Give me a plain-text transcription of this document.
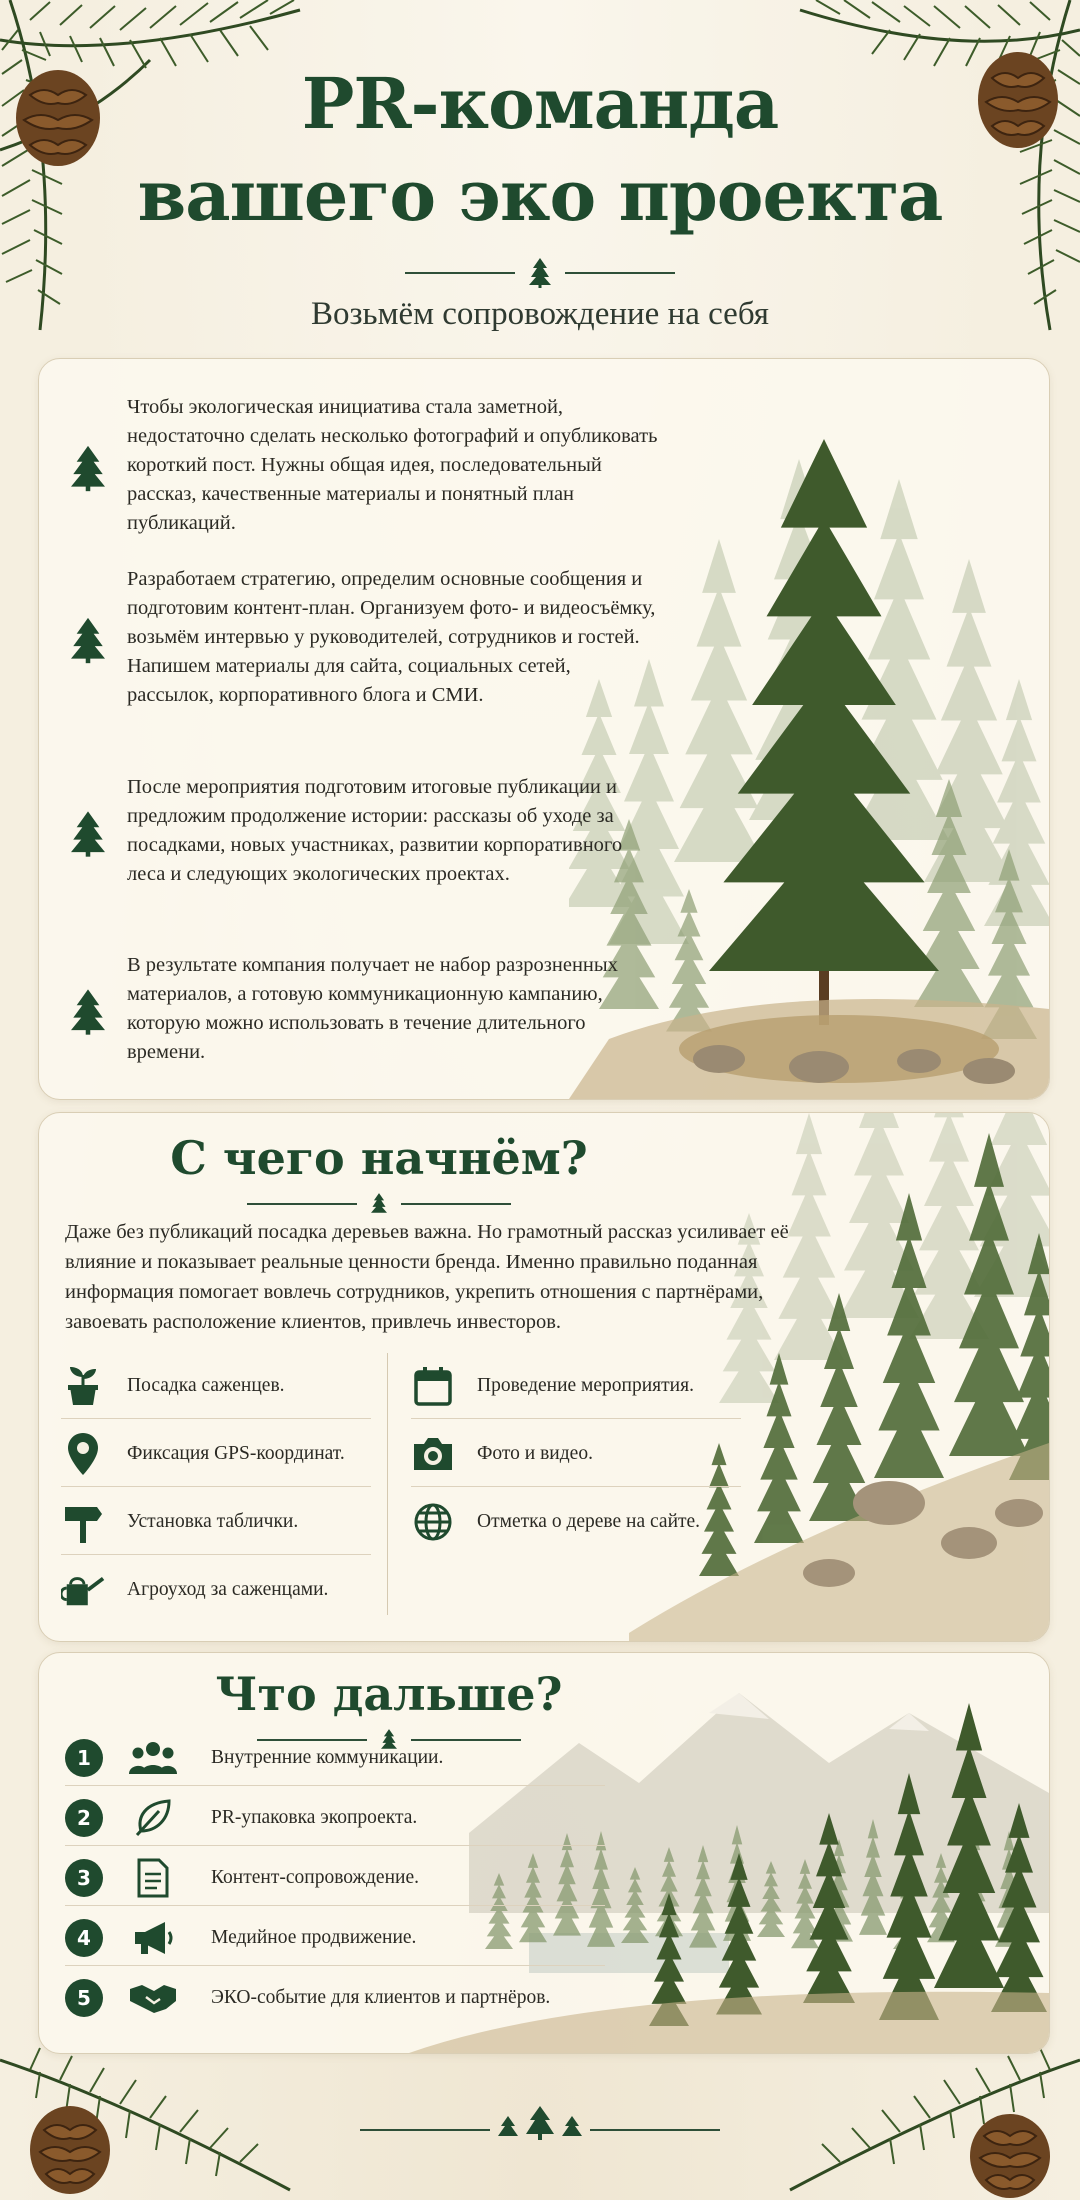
PR-команда
вашего эко проекта
Возьмём сопровождение на себя

Чтобы экологическая инициатива стала заметной, недостаточно сделать несколько фотографий и опубликовать короткий пост. Нужны общая идея, последовательный рассказ, качественные материалы и понятный план публикаций.

Разработаем стратегию, определим основные сообщения и подготовим контент-план. Организуем фото- и видеосъёмку, возьмём интервью у руководителей, сотрудников и гостей. Напишем материалы для сайта, социальных сетей, рассылок, корпоративного блога и СМИ.

После мероприятия подготовим итоговые публикации и предложим продолжение истории: рассказы об уходе за посадками, новых участниках, развитии корпоративного леса и следующих экологических проектах.

В результате компания получает не набор разрозненных материалов, а готовую коммуникационную кампанию, которую можно использовать в течение длительного времени.

С чего начнём?

Даже без публикаций посадка деревьев важна. Но грамотный рассказ усиливает её влияние и показывает реальные ценности бренда. Именно правильно поданная информация помогает вовлечь сотрудников, укрепить отношения с партнёрами, завоевать расположение клиентов, привлечь инвесторов.

Посадка саженцев.
Фиксация GPS-координат.
Установка таблички.
Агроуход за саженцами.
Проведение мероприятия.
Фото и видео.
Отметка о дереве на сайте.
Что дальше?
1	Внутренние коммуникации.
2	PR-упаковка экопроекта.
3	Контент-сопровождение.
4	Медийное продвижение.
5	ЭКО-событие для клиентов и партнёров.
